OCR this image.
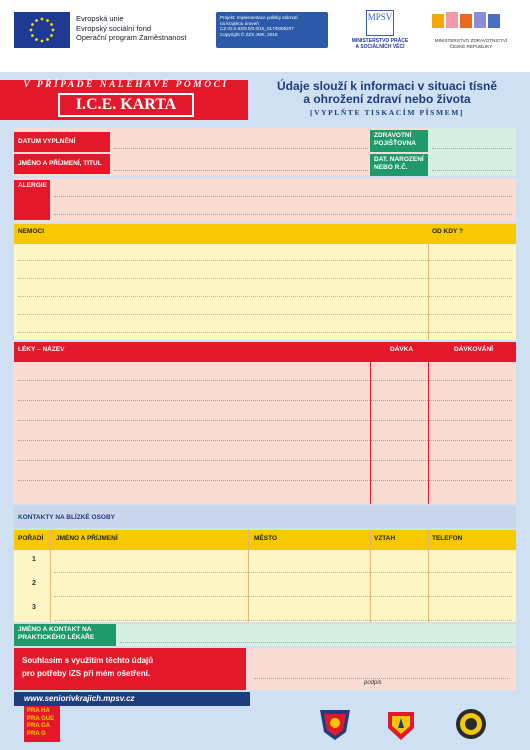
Evropská unie
Evropský sociální fond
Operační program Zaměstnanost
Projekt: Implementace politiky stárnutí
na krajskou úroveň
CZ.03.2.63/0.0/0.0/15_017/0006207
Copyright © ZZS JMK, 2018
MPSV
MINISTERSTVO PRÁCE
A SOCIÁLNÍCH VĚCÍ
MINISTERSTVO ZDRAVOTNICTVÍ
ČESKÉ REPUBLIKY
V PŘÍPADĚ NALÉHAVÉ POMOCI
I.C.E. KARTA
Údaje slouží k informaci v situaci tísně
a ohrožení zdraví nebo života
[VYPLŇTE TISKACÍM PÍSMEM]
DATUM VYPLNĚNÍ
JMÉNO A PŘÍJMENÍ, TITUL
ZDRAVOTNÍ
POJIŠŤOVNA
DAT. NAROZENÍ
NEBO R.Č.
ALERGIE
NEMOCI	OD KDY ?
LÉKY – NÁZEV	DÁVKA	DÁVKOVÁNÍ
KONTAKTY NA BLÍZKÉ OSOBY
POŘADÍ	JMÉNO A PŘÍJMENÍ	MĚSTO	VZTAH	TELEFON
1
2
3
JMÉNO A KONTAKT NA
PRAKTICKÉHO LÉKAŘE
Souhlasím s využitím těchto údajů
pro potřeby IZS při mém ošetření.
podpis
www.seniorivkrajich.mpsv.cz
PRA HA
PRA GUE
PRA GA
PRA G
